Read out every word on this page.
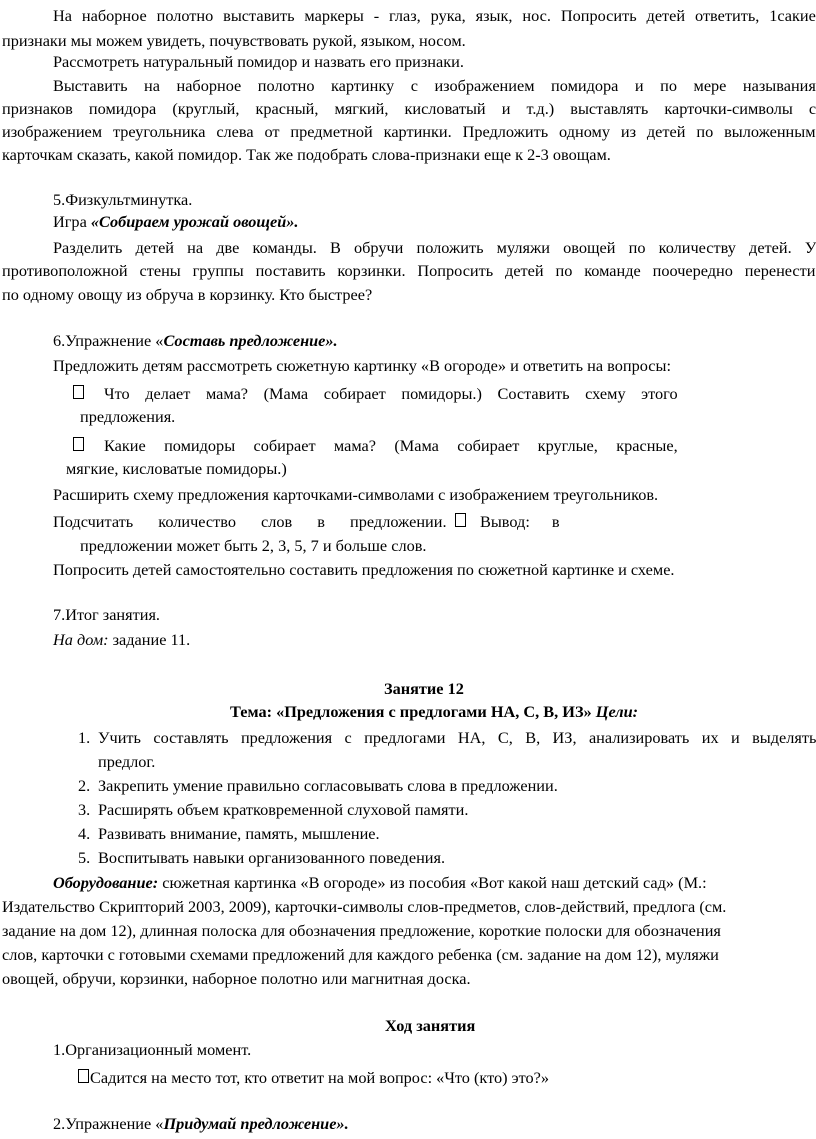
На наборное полотно выставить маркеры - глаз, рука, язык, нос. Попросить детей ответить, 1сакие
признаки мы можем увидеть, почувствовать рукой, языком, носом.
Рассмотреть натуральный помидор и назвать его признаки.
Выставить на наборное полотно картинку с изображением помидора и по мере называния
признаков помидора (круглый, красный, мягкий, кисловатый и т.д.) выставлять карточки-символы с
изображением треугольника слева от предметной картинки. Предложить одному из детей по выложенным
карточкам сказать, какой помидор. Так же подобрать слова-признаки еще к 2-3 овощам.
5.Физкультминутка.
Игра «Собираем урожай овощей».
Разделить детей на две команды. В обручи положить муляжи овощей по количеству детей. У
противоположной стены группы поставить корзинки. Попросить детей по команде поочередно перенести
по одному овощу из обруча в корзинку. Кто быстрее?
6.Упражнение «Составь предложение».
Предложить детям рассмотреть сюжетную картинку «В огороде» и ответить на вопросы:
Что делает мама? (Мама собирает помидоры.) Составить схему этого
предложения.
Какие помидоры собирает мама? (Мама собирает круглые, красные,
мягкие, кисловатые помидоры.)
Расширить схему предложения карточками-символами с изображением треугольников.
Подсчитать количество слов в предложении. Вывод: в
предложении может быть 2, 3, 5, 7 и больше слов.
Попросить детей самостоятельно составить предложения по сюжетной картинке и схеме.
7.Итог занятия.
На дом: задание 11.
Занятие 12
Тема: «Предложения с предлогами НА, С, В, ИЗ» Цели:
1. Учить составлять предложения с предлогами НА, С, В, ИЗ, анализировать их и выделять
предлог.
2. Закрепить умение правильно согласовывать слова в предложении.
3. Расширять объем кратковременной слуховой памяти.
4. Развивать внимание, память, мышление.
5. Воспитывать навыки организованного поведения.
Оборудование: сюжетная картинка «В огороде» из пособия «Вот какой наш детский сад» (М.:
Издательство Скрипторий 2003, 2009), карточки-символы слов-предметов, слов-действий, предлога (см.
задание на дом 12), длинная полоска для обозначения предложение, короткие полоски для обозначения
слов, карточки с готовыми схемами предложений для каждого ребенка (см. задание на дом 12), муляжи
овощей, обручи, корзинки, наборное полотно или магнитная доска.
Ход занятия
1.Организационный момент.
Садится на место тот, кто ответит на мой вопрос: «Что (кто) это?»
2.Упражнение «Придумай предложение».
